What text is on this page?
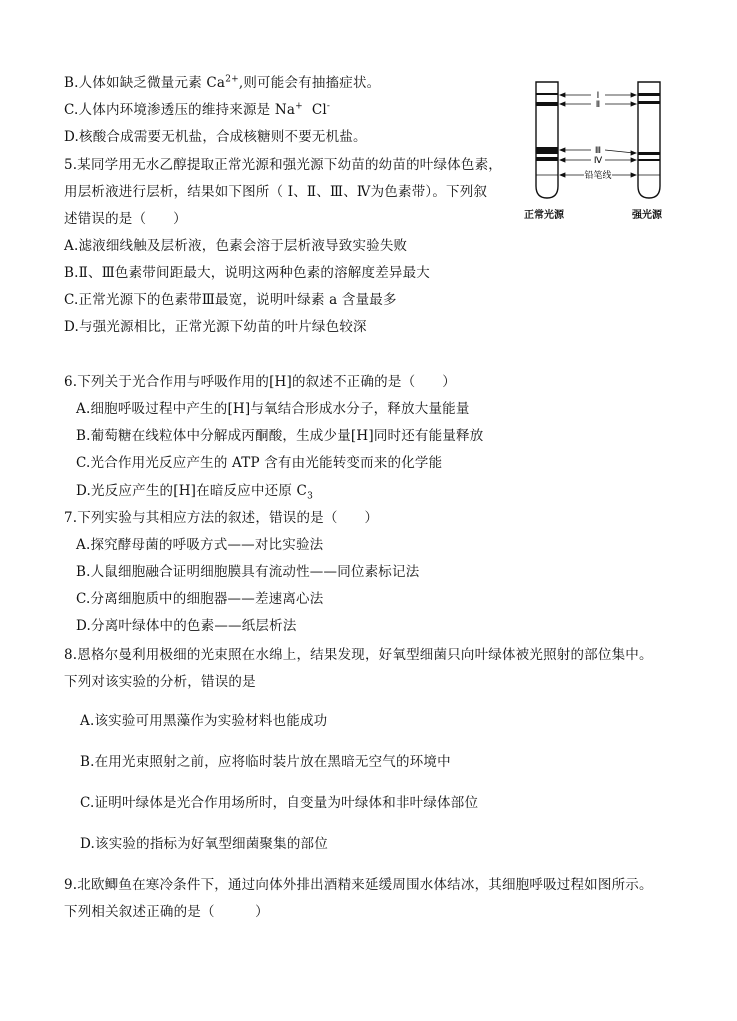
B.人体如缺乏微量元素 $Ca^{2+}$,则可能会有抽搐症状。
C.人体内环境渗透压的维持来源是 Na+  Cl-
D.核酸合成需要无机盐，合成核糖则不要无机盐。
5.某同学用无水乙醇提取正常光源和强光源下幼苗的幼苗的叶绿体色素，
用层析液进行层析，结果如下图所（ Ⅰ、Ⅱ、Ⅲ、Ⅳ为色素带）。下列叙
述错误的是（      ）
A.滤液细线触及层析液，色素会溶于层析液导致实验失败
B.Ⅱ、Ⅲ色素带间距最大，说明这两种色素的溶解度差异最大
C.正常光源下的色素带Ⅲ最宽，说明叶绿素 a 含量最多
D.与强光源相比，正常光源下幼苗的叶片绿色较深
Ⅰ
Ⅱ
Ⅲ
Ⅳ
铅笔线
正常光源	强光源
6.下列关于光合作用与呼吸作用的[H]的叙述不正确的是（      ）
A.细胞呼吸过程中产生的[H]与氧结合形成水分子，释放大量能量
B.葡萄糖在线粒体中分解成丙酮酸，生成少量[H]同时还有能量释放
C.光合作用光反应产生的 ATP 含有由光能转变而来的化学能
D.光反应产生的[H]在暗反应中还原 $C_3$
7.下列实验与其相应方法的叙述，错误的是（      ）
A.探究酵母菌的呼吸方式——对比实验法
B.人鼠细胞融合证明细胞膜具有流动性——同位素标记法
C.分离细胞质中的细胞器——差速离心法
D.分离叶绿体中的色素——纸层析法
8.恩格尔曼利用极细的光束照在水绵上，结果发现，好氧型细菌只向叶绿体被光照射的部位集中。
下列对该实验的分析，错误的是
A.该实验可用黑藻作为实验材料也能成功
B.在用光束照射之前，应将临时装片放在黑暗无空气的环境中
C.证明叶绿体是光合作用场所时，自变量为叶绿体和非叶绿体部位
D.该实验的指标为好氧型细菌聚集的部位
9.北欧鲫鱼在寒冷条件下，通过向体外排出酒精来延缓周围水体结冰，其细胞呼吸过程如图所示。
下列相关叙述正确的是（         ）
